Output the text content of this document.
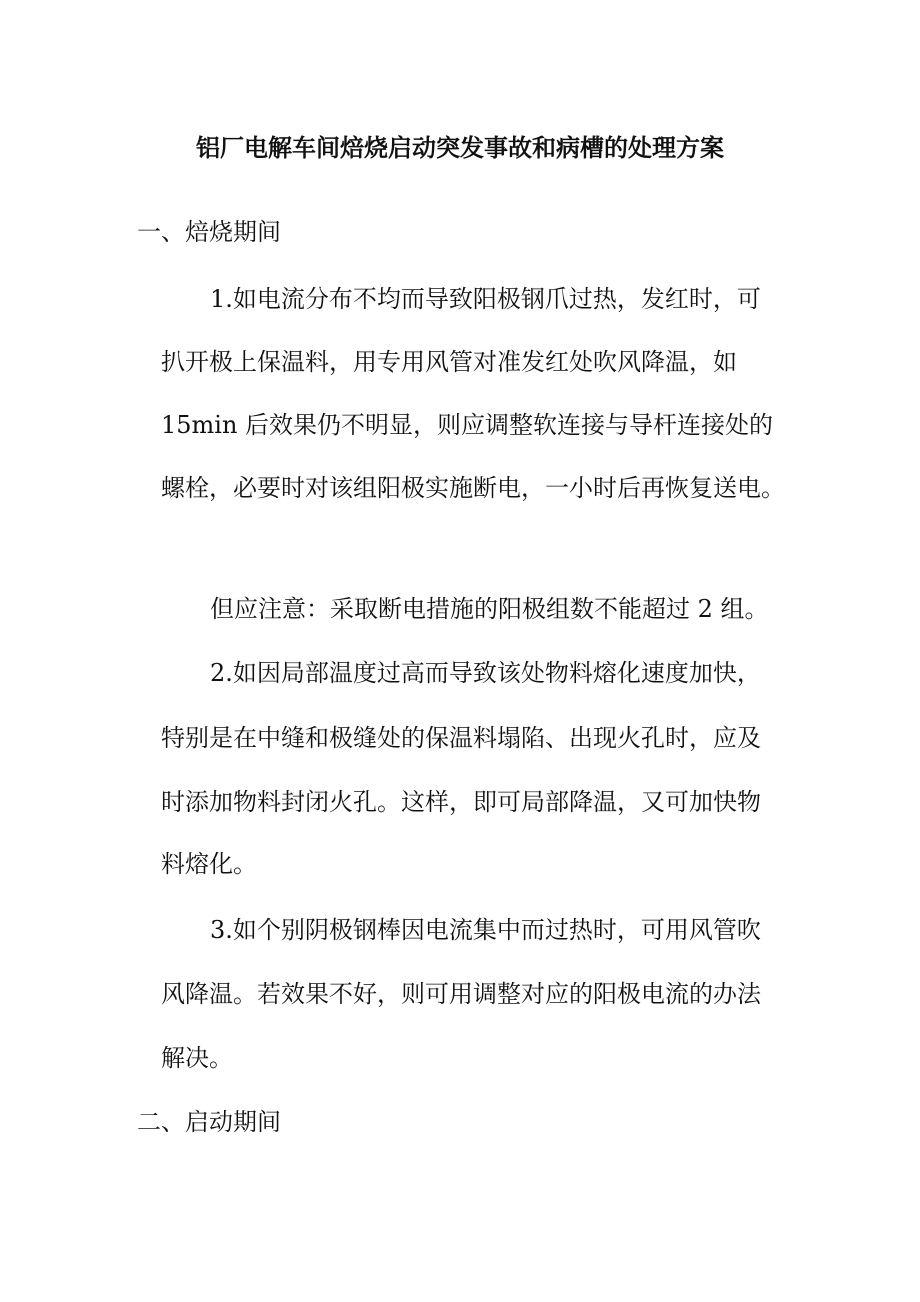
铝厂电解车间焙烧启动突发事故和病槽的处理方案
一、焙烧期间
1.如电流分布不均而导致阳极钢爪过热，发红时，可
扒开极上保温料，用专用风管对准发红处吹风降温，如
15min 后效果仍不明显，则应调整软连接与导杆连接处的
螺栓，必要时对该组阳极实施断电，一小时后再恢复送电。
但应注意：采取断电措施的阳极组数不能超过 2 组。
2.如因局部温度过高而导致该处物料熔化速度加快，
特别是在中缝和极缝处的保温料塌陷、出现火孔时，应及
时添加物料封闭火孔。这样，即可局部降温，又可加快物
料熔化。
3.如个别阴极钢棒因电流集中而过热时，可用风管吹
风降温。若效果不好，则可用调整对应的阳极电流的办法
解决。
二、启动期间
